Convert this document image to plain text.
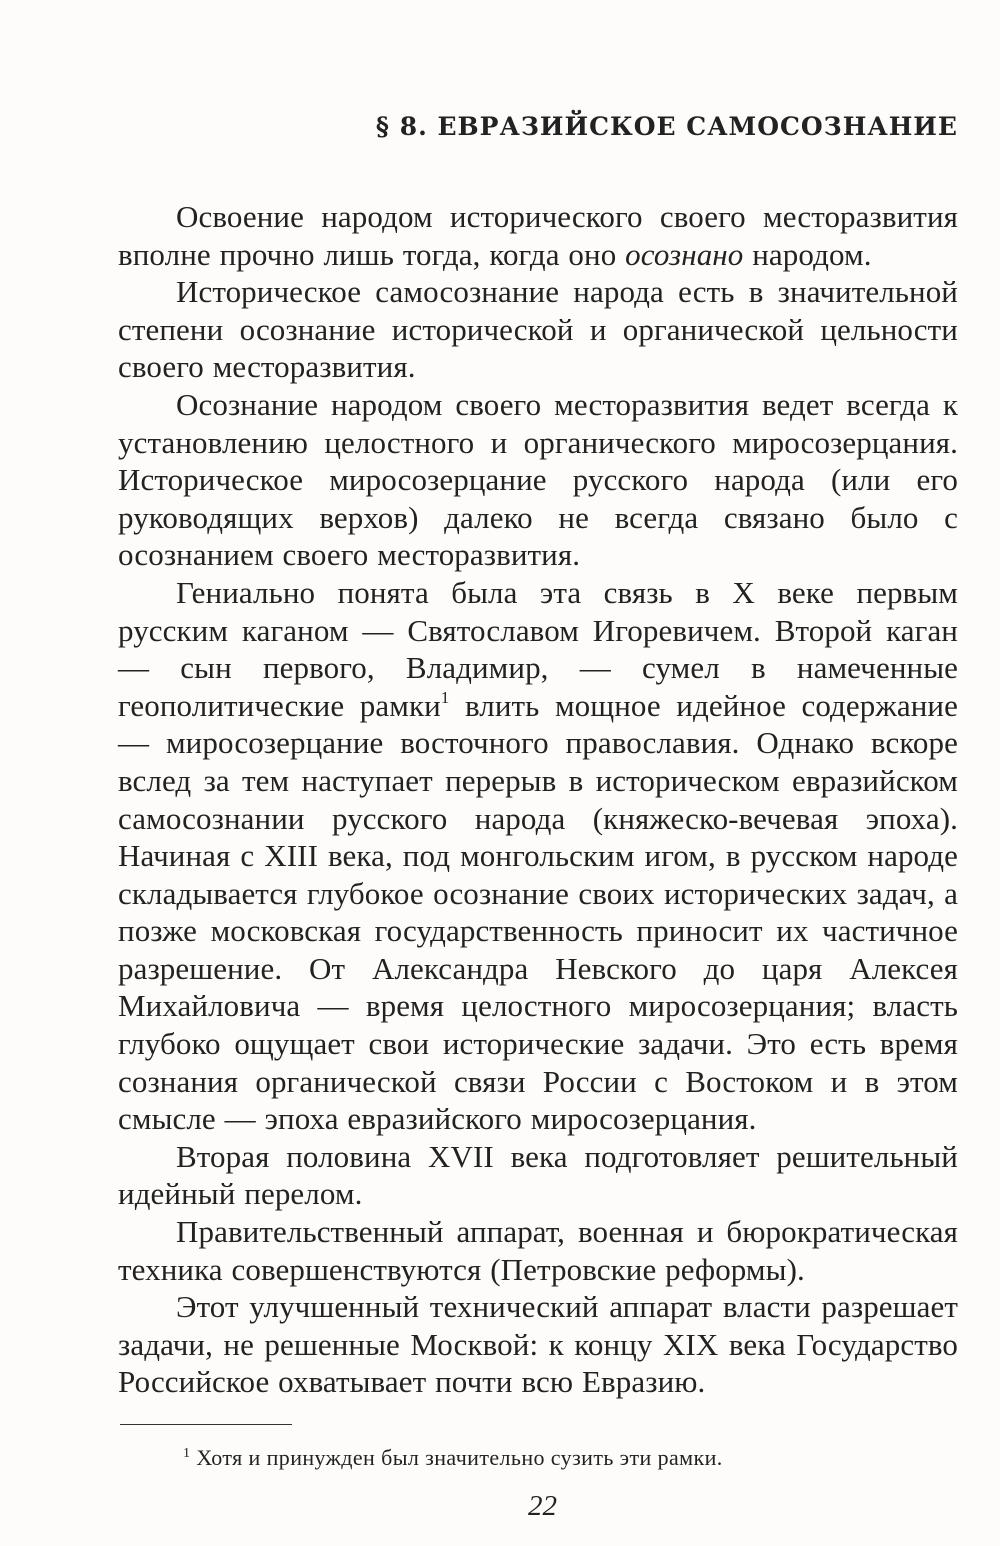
§ 8. ЕВРАЗИЙСКОЕ САМОСОЗНАНИЕ

Освоение народом исторического своего месторазвития вполне прочно лишь тогда, когда оно осознано народом.

Историческое самосознание народа есть в значительной степени осознание исторической и органической цельности своего месторазвития.

Осознание народом своего месторазвития ведет всегда к установлению целостного и органического миросозерцания. Историческое миросозерцание русского народа (или его руководящих верхов) далеко не всегда связано было с осознанием своего месторазвития.

Гениально понята была эта связь в X веке первым русским каганом — Святославом Игоревичем. Второй каган — сын первого, Владимир, — сумел в намеченные геополитические рамки$^1$ влить мощное идейное содержание — миросозерцание восточного православия. Однако вскоре вслед за тем наступает перерыв в историческом евразийском самосознании русского народа (княжеско-вечевая эпоха). Начиная с XIII века, под монгольским игом, в русском народе складывается глубокое осознание своих исторических задач, а позже московская государственность приносит их частичное разрешение. От Александра Невского до царя Алексея Михайловича — время целостного миросозерцания; власть глубоко ощущает свои исторические задачи. Это есть время сознания органической связи России с Востоком и в этом смысле — эпоха евразийского миросозерцания.

Вторая половина XVII века подготовляет решительный идейный перелом.

Правительственный аппарат, военная и бюрократическая техника совершенствуются (Петровские реформы).

Этот улучшенный технический аппарат власти разрешает задачи, не решенные Москвой: к концу XIX века Государство Российское охватывает почти всю Евразию.

$^1$ Хотя и принужден был значительно сузить эти рамки.
22
